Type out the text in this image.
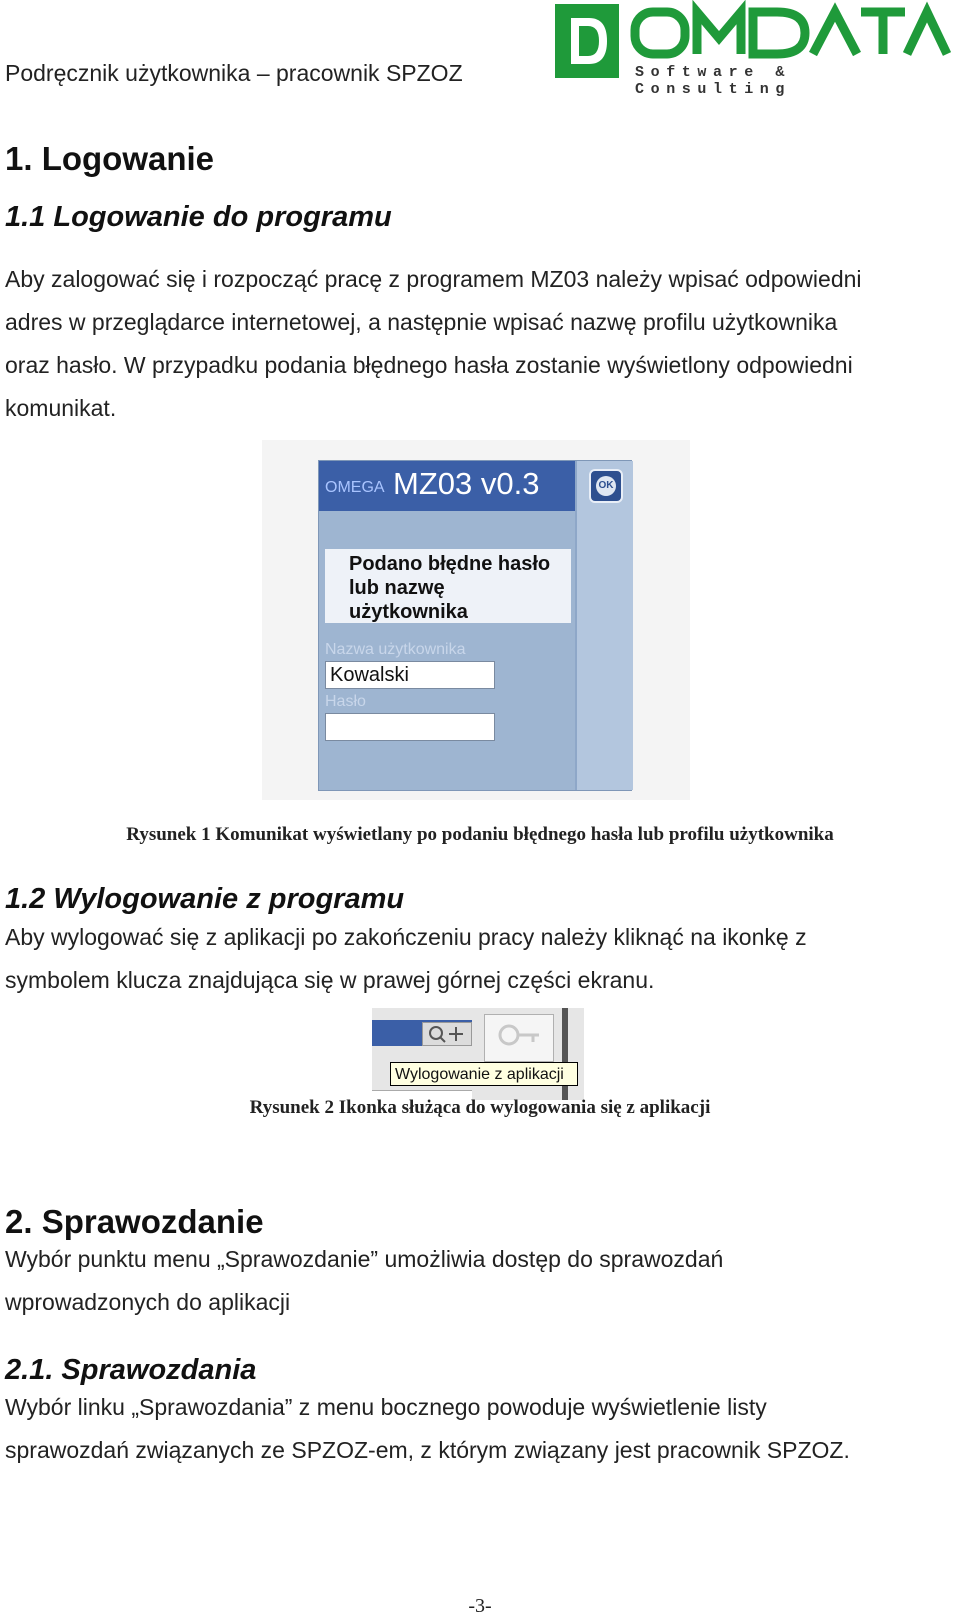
Podręcznik użytkownika – pracownik SPZOZ	Software & Consulting
1. Logowanie
1.1 Logowanie do programu
Aby zalogować się i rozpocząć pracę z programem MZ03 należy wpisać odpowiedni
adres w przeglądarce internetowej, a następnie wpisać nazwę profilu użytkownika
oraz hasło. W przypadku podania błędnego hasła zostanie wyświetlony odpowiedni
komunikat.
OMEGA MZ03 v0.3	OK
Podano błędne hasło
lub nazwę
użytkownika
Nazwa użytkownika
Kowalski
Hasło
Rysunek 1 Komunikat wyświetlany po podaniu błędnego hasła lub profilu użytkownika
1.2 Wylogowanie z programu
Aby wylogować się z aplikacji po zakończeniu pracy należy kliknąć na ikonkę z
symbolem klucza znajdująca się w prawej górnej części ekranu.
Wylogowanie z aplikacji
Rysunek 2 Ikonka służąca do wylogowania się z aplikacji
2. Sprawozdanie
Wybór punktu menu „Sprawozdanie” umożliwia dostęp do sprawozdań
wprowadzonych do aplikacji
2.1. Sprawozdania
Wybór linku „Sprawozdania” z menu bocznego powoduje wyświetlenie listy
sprawozdań związanych ze SPZOZ-em, z którym związany jest pracownik SPZOZ.
-3-
